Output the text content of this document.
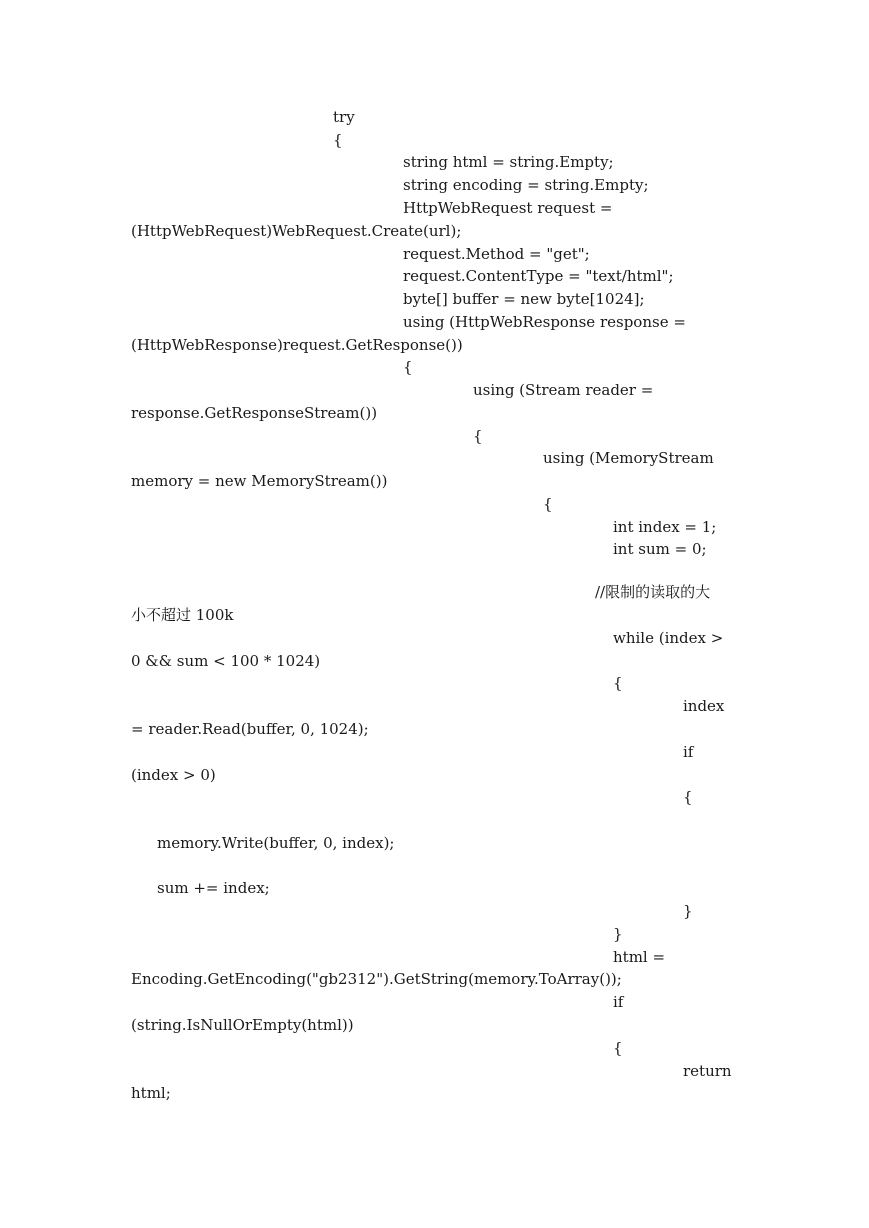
try
{
string html = string.Empty;
string encoding = string.Empty;
HttpWebRequest request =
(HttpWebRequest)WebRequest.Create(url);
request.Method = "get";
request.ContentType = "text/html";
byte[] buffer = new byte[1024];
using (HttpWebResponse response =
(HttpWebResponse)request.GetResponse())
{
using (Stream reader =
response.GetResponseStream())
{
using (MemoryStream
memory = new MemoryStream())
{
int index = 1;
int sum = 0;
//限制的读取的大
小不超过 100k
while (index >
0 && sum < 100 * 1024)
{
index
= reader.Read(buffer, 0, 1024);
if
(index > 0)
{
memory.Write(buffer, 0, index);
sum += index;
}
}
html =
Encoding.GetEncoding("gb2312").GetString(memory.ToArray());
if
(string.IsNullOrEmpty(html))
{
return
html;
